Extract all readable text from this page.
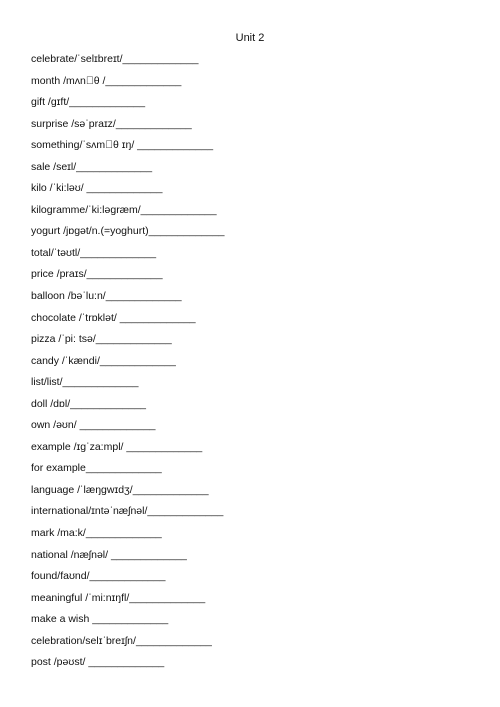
Unit 2
celebrate/ˈselɪbreɪt/_____________
month /mʌn θ /_____________
gift /gɪft/_____________
surprise /səˈpraɪz/_____________
something/ˈsʌm θ ɪŋ/ _____________
sale /seɪl/_____________
kilo /ˈki:ləʊ/ _____________
kilogramme/ˈki:ləgræm/_____________
yogurt /jɒgət/n.(=yoghurt)_____________
total/ˈtəʊtl/_____________
price /praɪs/_____________
balloon /bəˈlu:n/_____________
chocolate /ˈtrɒklət/ _____________
pizza /ˈpi: tsə/_____________
candy /ˈkændi/_____________
list/list/_____________
doll /dɒl/_____________
own /əʊn/ _____________
example /ɪgˈza:mpl/ _____________
for example_____________
language /ˈlæŋgwɪdʒ/_____________
international/ɪntəˈnæʃnəl/_____________
mark /ma:k/_____________
national /næʃnəl/ _____________
found/faʊnd/_____________
meaningful /ˈmi:nɪŋfl/_____________
make a wish _____________
celebration/selɪˈbreɪʃn/_____________
post /pəʊst/ _____________
